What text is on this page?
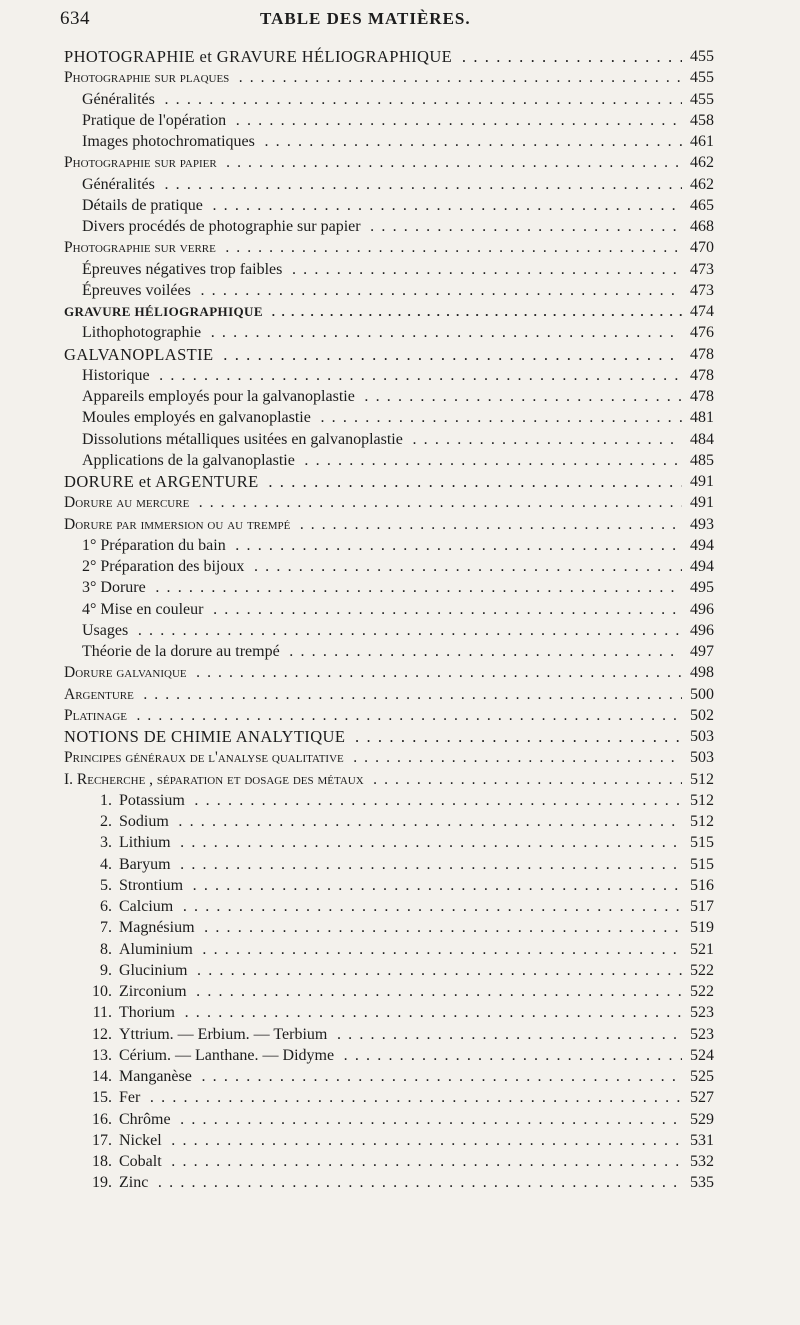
634	TABLE DES MATIÈRES.
PHOTOGRAPHIE et GRAVURE HÉLIOGRAPHIQUE . . .	455
Photographie sur plaques . . .	455
Généralités . . .	455
Pratique de l'opération . . .	458
Images photochromatiques . . .	461
Photographie sur papier . . .	462
Généralités . . .	462
Détails de pratique . . .	465
Divers procédés de photographie sur papier . . .	468
Photographie sur verre . . .	470
Épreuves négatives trop faibles . . .	473
Épreuves voilées . . .	473
GRAVURE HÉLIOGRAPHIQUE . . .	474
Lithophotographie . . .	476
GALVANOPLASTIE . . .	478
Historique . . .	478
Appareils employés pour la galvanoplastie . . .	478
Moules employés en galvanoplastie . . .	481
Dissolutions métalliques usitées en galvanoplastie . . .	484
Applications de la galvanoplastie . . .	485
DORURE et ARGENTURE . . .	491
Dorure au mercure . . .	491
Dorure par immersion ou au trempé . . .	493
1° Préparation du bain . . .	494
2° Préparation des bijoux . . .	494
3° Dorure . . .	495
4° Mise en couleur . . .	496
Usages . . .	496
Théorie de la dorure au trempé . . .	497
Dorure galvanique . . .	498
Argenture . . .	500
Platinage . . .	502
NOTIONS DE CHIMIE ANALYTIQUE . . .	503
Principes généraux de l'analyse qualitative . . .	503
I. Recherche , séparation et dosage des métaux . . .	512
1. Potassium . . .	512
2. Sodium . . .	512
3. Lithium . . .	515
4. Baryum . . .	515
5. Strontium . . .	516
6. Calcium . . .	517
7. Magnésium . . .	519
8. Aluminium . . .	521
9. Glucinium . . .	522
10. Zirconium . . .	522
11. Thorium . . .	523
12. Yttrium. — Erbium. — Terbium . . .	523
13. Cérium. — Lanthane. — Didyme . . .	524
14. Manganèse . . .	525
15. Fer . . .	527
16. Chrôme . . .	529
17. Nickel . . .	531
18. Cobalt . . .	532
19. Zinc . . .	535
